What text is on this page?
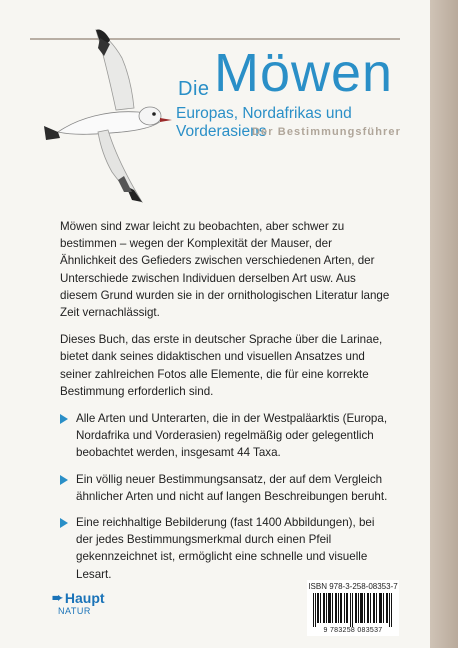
Die Möwen
Europas, Nordafrikas und Vorderasiens
Der Bestimmungsführer

Möwen sind zwar leicht zu beobachten, aber schwer zu bestimmen – wegen der Komplexität der Mauser, der Ähnlichkeit des Gefieders zwischen verschiedenen Arten, der Unterschiede zwischen Individuen derselben Art usw. Aus diesem Grund wurden sie in der ornithologischen Literatur lange Zeit vernachlässigt.

Dieses Buch, das erste in deutscher Sprache über die Larinae, bietet dank seines didaktischen und visuellen Ansatzes und seiner zahlreichen Fotos alle Elemente, die für eine korrekte Bestimmung erforderlich sind.

Alle Arten und Unterarten, die in der Westpaläarktis (Europa, Nordafrika und Vorderasien) regelmäßig oder gelegentlich beobachtet werden, insgesamt 44 Taxa.
Ein völlig neuer Bestimmungsansatz, der auf dem Vergleich ähnlicher Arten und nicht auf langen Beschreibungen beruht.
Eine reichhaltige Bebilderung (fast 1400 Abbildungen), bei der jedes Bestimmungsmerkmal durch einen Pfeil gekennzeichnet ist, ermöglicht eine schnelle und visuelle Lesart.
➨ Haupt
NATUR
ISBN 978-3-258-08353-7
9 783258 083537
